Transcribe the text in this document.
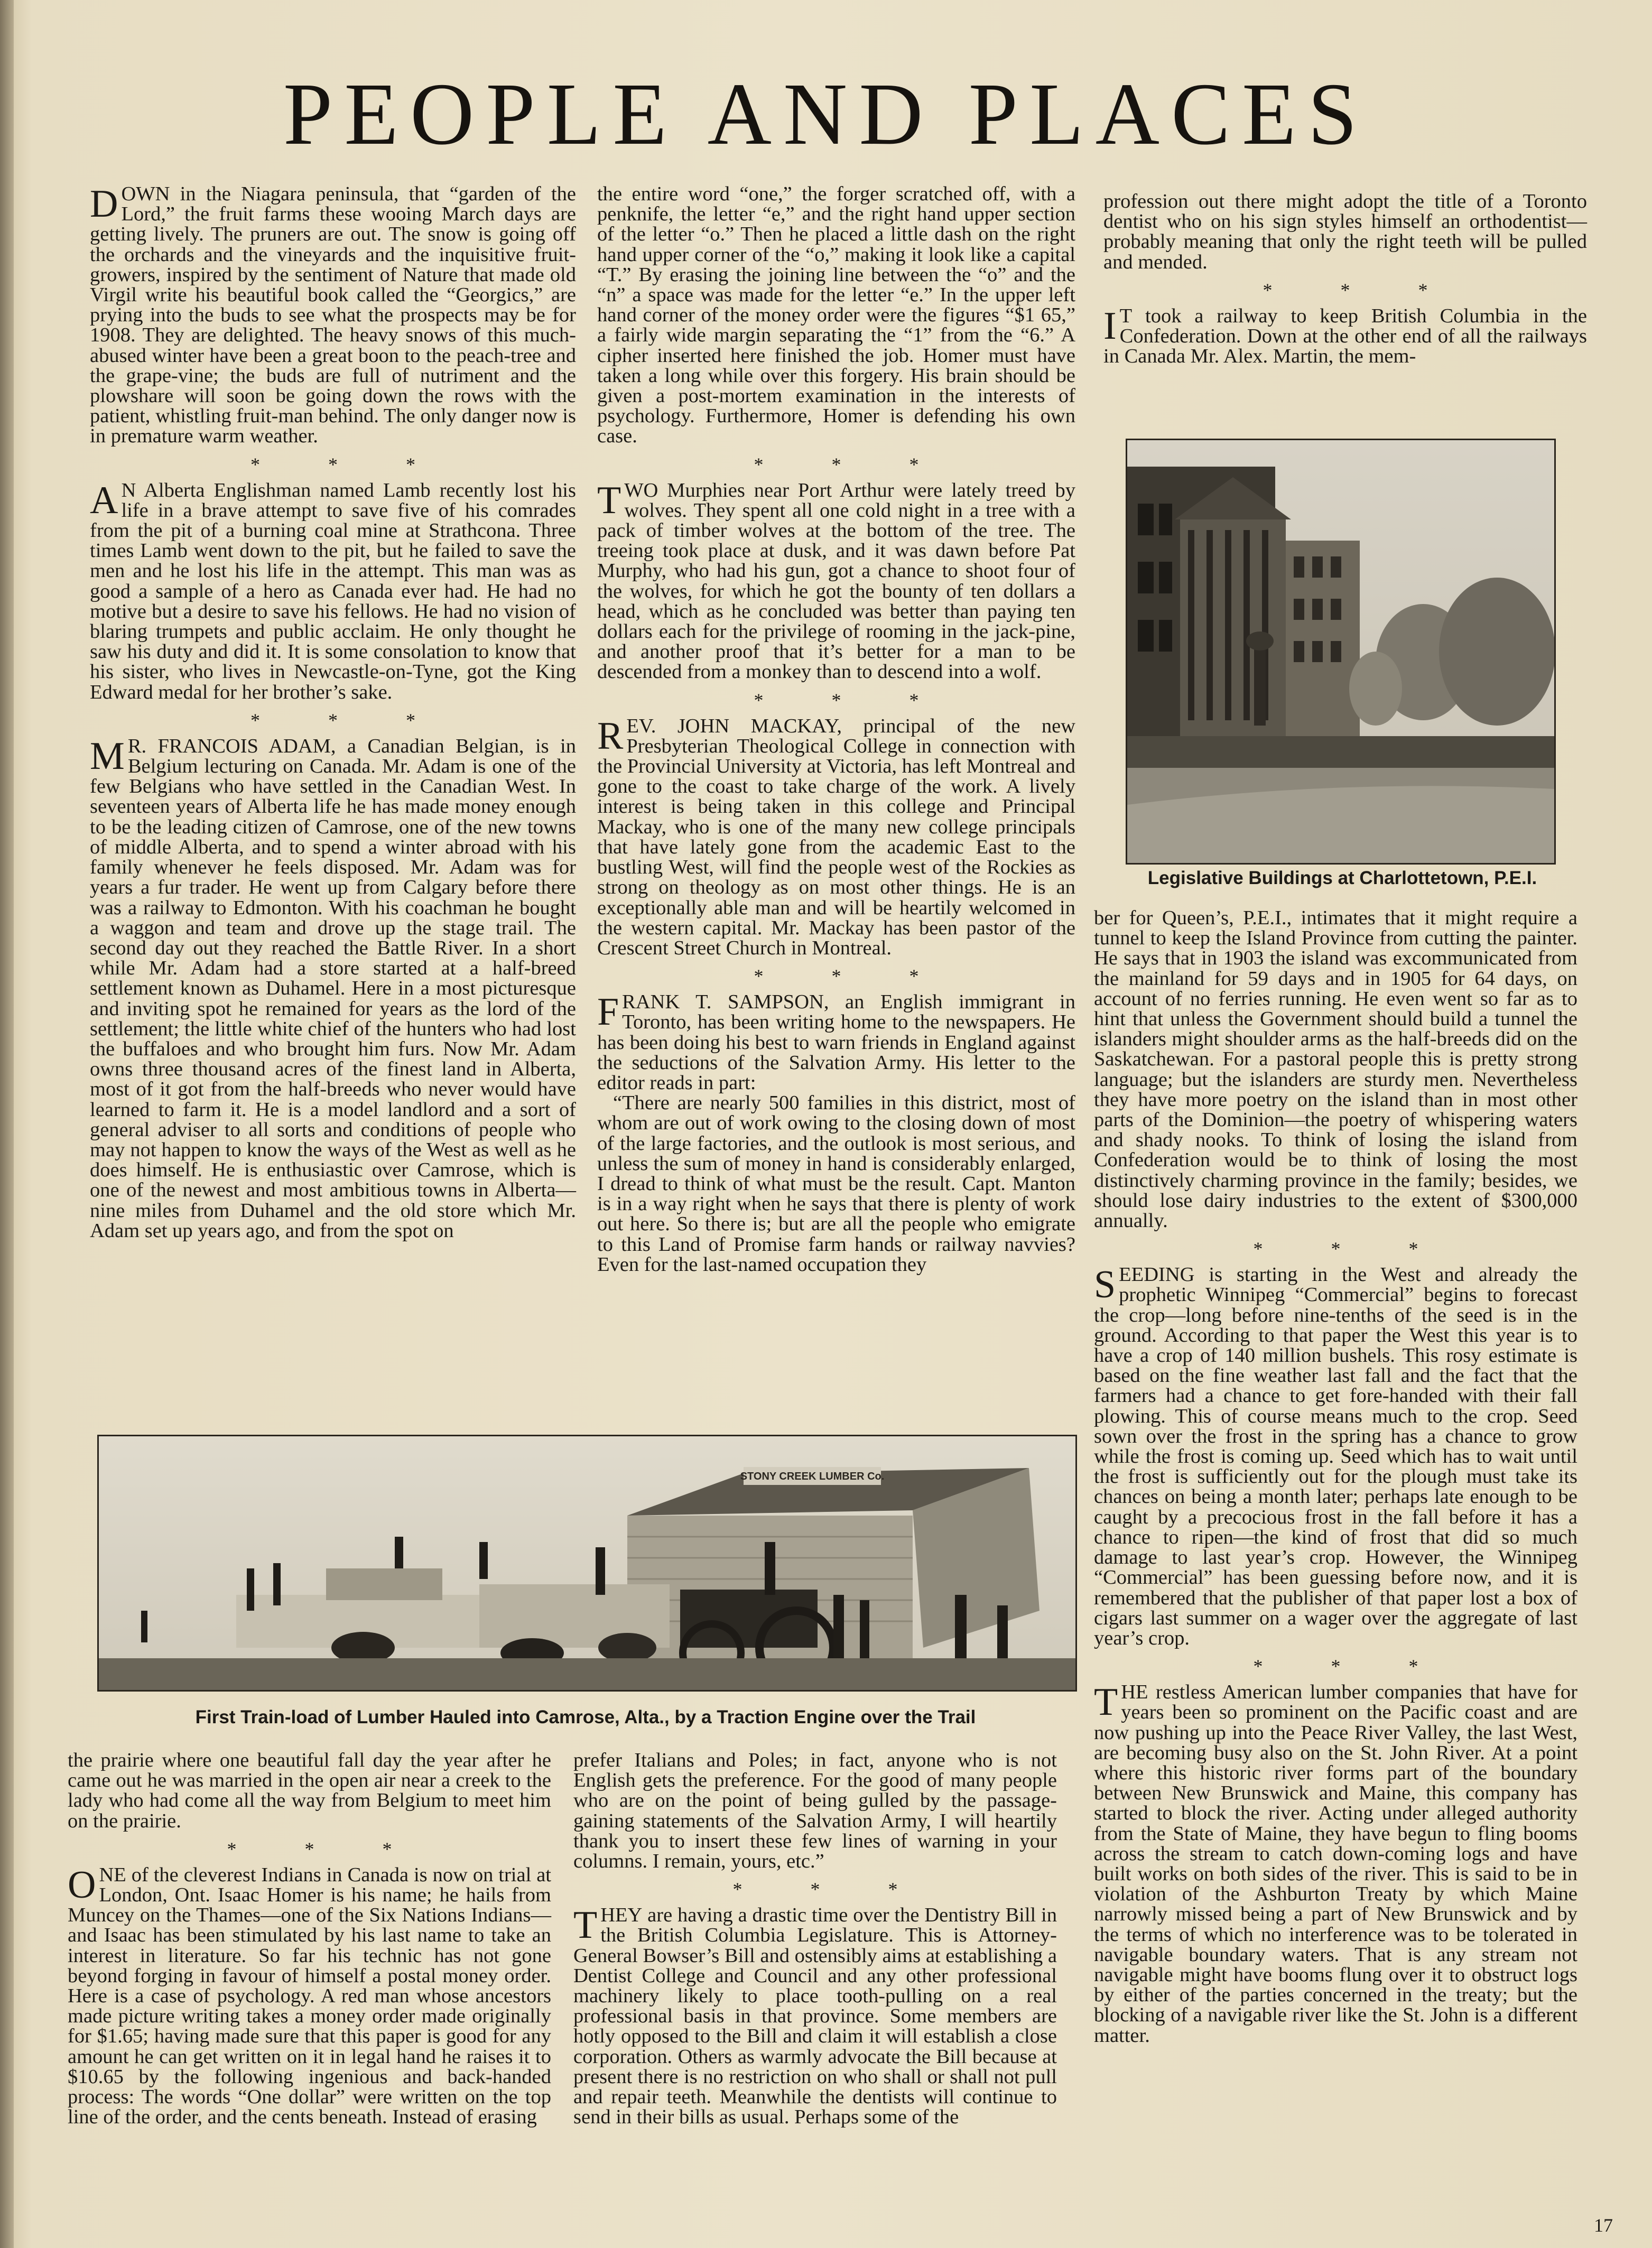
PEOPLE AND PLACES

DOWN in the Niagara peninsula, that “garden of the Lord,” the fruit farms these wooing March days are getting lively. The pruners are out. The snow is going off the orchards and the vineyards and the inquisitive fruit-growers, inspired by the sentiment of Nature that made old Virgil write his beautiful book called the “Georgics,” are prying into the buds to see what the prospects may be for 1908. They are delighted. The heavy snows of this much-abused winter have been a great boon to the peach-tree and the grape-vine; the buds are full of nutriment and the plowshare will soon be going down the rows with the patient, whistling fruit-man behind. The only danger now is in premature warm weather.

* * *

A N Alberta Englishman named Lamb recently lost his life in a brave attempt to save five of his comrades from the pit of a burning coal mine at Strathcona. Three times Lamb went down to the pit, but he failed to save the men and he lost his life in the attempt. This man was as good a sample of a hero as Canada ever had. He had no motive but a desire to save his fellows. He had no vision of blaring trumpets and public acclaim. He only thought he saw his duty and did it. It is some consolation to know that his sister, who lives in Newcastle-on-Tyne, got the King Edward medal for her brother’s sake.

* * *

M R. FRANCOIS ADAM, a Canadian Belgian, is in Belgium lecturing on Canada. Mr. Adam is one of the few Belgians who have settled in the Canadian West. In seventeen years of Alberta life he has made money enough to be the leading citizen of Camrose, one of the new towns of middle Alberta, and to spend a winter abroad with his family whenever he feels disposed. Mr. Adam was for years a fur trader. He went up from Calgary before there was a railway to Edmonton. With his coachman he bought a waggon and team and drove up the stage trail. The second day out they reached the Battle River. In a short while Mr. Adam had a store started at a half-breed settlement known as Duhamel. Here in a most picturesque and inviting spot he remained for years as the lord of the settlement; the little white chief of the hunters who had lost the buffaloes and who brought him furs. Now Mr. Adam owns three thousand acres of the finest land in Alberta, most of it got from the half-breeds who never would have learned to farm it. He is a model landlord and a sort of general adviser to all sorts and conditions of people who may not happen to know the ways of the West as well as he does himself. He is enthusiastic over Camrose, which is one of the newest and most ambitious towns in Alberta—nine miles from Duhamel and the old store which Mr. Adam set up years ago, and from the spot on

the entire word “one,” the forger scratched off, with a penknife, the letter “e,” and the right hand upper section of the letter “o.” Then he placed a little dash on the right hand upper corner of the “o,” making it look like a capital “T.” By erasing the joining line between the “o” and the “n” a space was made for the letter “e.” In the upper left hand corner of the money order were the figures “$1 65,” a fairly wide margin separating the “1” from the “6.” A cipher inserted here finished the job. Homer must have taken a long while over this forgery. His brain should be given a post-mortem examination in the interests of psychology. Furthermore, Homer is defending his own case.

* * *

TWO Murphies near Port Arthur were lately treed by wolves. They spent all one cold night in a tree with a pack of timber wolves at the bottom of the tree. The treeing took place at dusk, and it was dawn before Pat Murphy, who had his gun, got a chance to shoot four of the wolves, for which he got the bounty of ten dollars a head, which as he concluded was better than paying ten dollars each for the privilege of rooming in the jack-pine, and another proof that it’s better for a man to be descended from a monkey than to descend into a wolf.

* * *

REV. JOHN MACKAY, principal of the new Presbyterian Theological College in connection with the Provincial University at Victoria, has left Montreal and gone to the coast to take charge of the work. A lively interest is being taken in this college and Principal Mackay, who is one of the many new college principals that have lately gone from the academic East to the bustling West, will find the people west of the Rockies as strong on theology as on most other things. He is an exceptionally able man and will be heartily welcomed in the western capital. Mr. Mackay has been pastor of the Crescent Street Church in Montreal.

* * *

FRANK T. SAMPSON, an English immigrant in Toronto, has been writing home to the newspapers. He has been doing his best to warn friends in England against the seductions of the Salvation Army. His letter to the editor reads in part:

“There are nearly 500 families in this district, most of whom are out of work owing to the closing down of most of the large factories, and the outlook is most serious, and unless the sum of money in hand is considerably enlarged, I dread to think of what must be the result. Capt. Manton is in a way right when he says that there is plenty of work out here. So there is; but are all the people who emigrate to this Land of Promise farm hands or railway navvies? Even for the last-named occupation they

profession out there might adopt the title of a Toronto dentist who on his sign styles himself an orthodentist—probably meaning that only the right teeth will be pulled and mended.

* * *

I T took a railway to keep British Columbia in the Confederation. Down at the other end of all the railways in Canada Mr. Alex. Martin, the mem-

Legislative Buildings at Charlottetown, P.E.I.

ber for Queen’s, P.E.I., intimates that it might require a tunnel to keep the Island Province from cutting the painter. He says that in 1903 the island was excommunicated from the mainland for 59 days and in 1905 for 64 days, on account of no ferries running. He even went so far as to hint that unless the Government should build a tunnel the islanders might shoulder arms as the half-breeds did on the Saskatchewan. For a pastoral people this is pretty strong language; but the islanders are sturdy men. Nevertheless they have more poetry on the island than in most other parts of the Dominion—the poetry of whispering waters and shady nooks. To think of losing the island from Confederation would be to think of losing the most distinctively charming province in the family; besides, we should lose dairy industries to the extent of $300,000 annually.

* * *

SEEDING is starting in the West and already the prophetic Winnipeg “Commercial” begins to forecast the crop—long before nine-tenths of the seed is in the ground. According to that paper the West this year is to have a crop of 140 million bushels. This rosy estimate is based on the fine weather last fall and the fact that the farmers had a chance to get fore-handed with their fall plowing. This of course means much to the crop. Seed sown over the frost in the spring has a chance to grow while the frost is coming up. Seed which has to wait until the frost is sufficiently out for the plough must take its chances on being a month later; perhaps late enough to be caught by a precocious frost in the fall before it has a chance to ripen—the kind of frost that did so much damage to last year’s crop. However, the Winnipeg “Commercial” has been guessing before now, and it is remembered that the publisher of that paper lost a box of cigars last summer on a wager over the aggregate of last year’s crop.

* * *

THE restless American lumber companies that have for years been so prominent on the Pacific coast and are now pushing up into the Peace River Valley, the last West, are becoming busy also on the St. John River. At a point where this historic river forms part of the boundary between New Brunswick and Maine, this company has started to block the river. Acting under alleged authority from the State of Maine, they have begun to fling booms across the stream to catch down-coming logs and have built works on both sides of the river. This is said to be in violation of the Ashburton Treaty by which Maine narrowly missed being a part of New Brunswick and by the terms of which no interference was to be tolerated in navigable boundary waters. That is any stream not navigable might have booms flung over it to obstruct logs by either of the parties concerned in the treaty; but the blocking of a navigable river like the St. John is a different matter.

STONY CREEK LUMBER Co.
First Train-load of Lumber Hauled into Camrose, Alta., by a Traction Engine over the Trail

the prairie where one beautiful fall day the year after he came out he was married in the open air near a creek to the lady who had come all the way from Belgium to meet him on the prairie.

* * *

ONE of the cleverest Indians in Canada is now on trial at London, Ont. Isaac Homer is his name; he hails from Muncey on the Thames—one of the Six Nations Indians—and Isaac has been stimulated by his last name to take an interest in literature. So far his technic has not gone beyond forging in favour of himself a postal money order. Here is a case of psychology. A red man whose ancestors made picture writing takes a money order made originally for $1.65; having made sure that this paper is good for any amount he can get written on it in legal hand he raises it to $10.65 by the following ingenious and back-handed process: The words “One dollar” were written on the top line of the order, and the cents beneath. Instead of erasing

prefer Italians and Poles; in fact, anyone who is not English gets the preference. For the good of many people who are on the point of being gulled by the passage-gaining statements of the Salvation Army, I will heartily thank you to insert these few lines of warning in your columns. I remain, yours, etc.”

* * *

THEY are having a drastic time over the Dentistry Bill in the British Columbia Legislature. This is Attorney-General Bowser’s Bill and ostensibly aims at establishing a Dentist College and Council and any other professional machinery likely to place tooth-pulling on a real professional basis in that province. Some members are hotly opposed to the Bill and claim it will establish a close corporation. Others as warmly advocate the Bill because at present there is no restriction on who shall or shall not pull and repair teeth. Meanwhile the dentists will continue to send in their bills as usual. Perhaps some of the

17
